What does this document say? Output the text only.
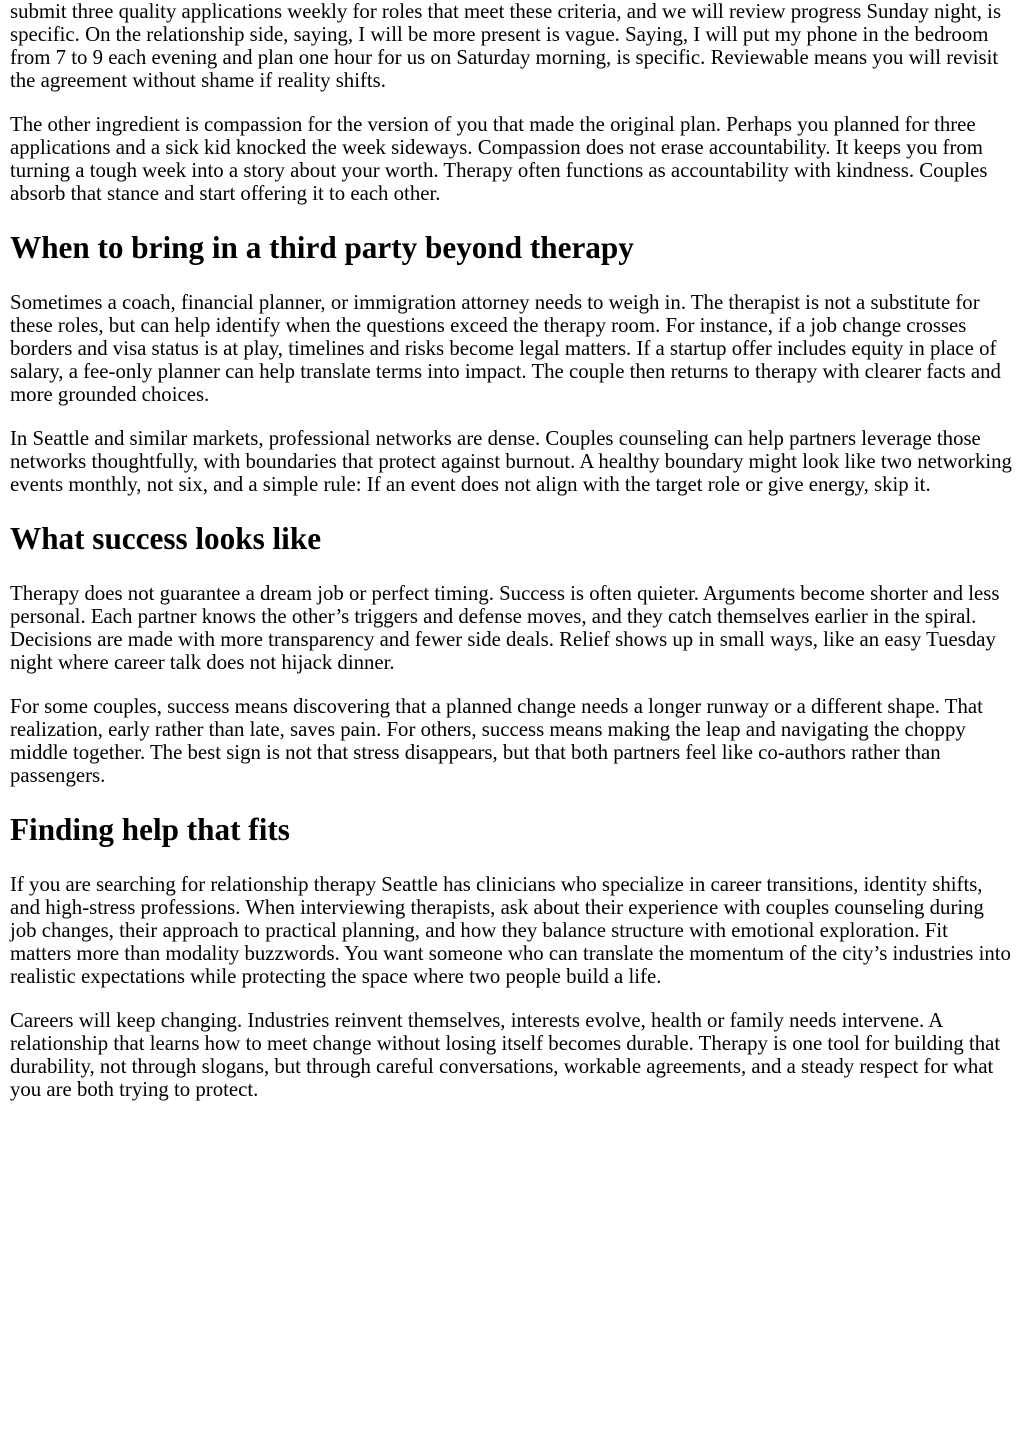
submit three quality applications weekly for roles that meet these criteria, and we will review progress Sunday night, is specific. On the relationship side, saying, I will be more present is vague. Saying, I will put my phone in the bedroom from 7 to 9 each evening and plan one hour for us on Saturday morning, is specific. Reviewable means you will revisit the agreement without shame if reality shifts.

The other ingredient is compassion for the version of you that made the original plan. Perhaps you planned for three applications and a sick kid knocked the week sideways. Compassion does not erase accountability. It keeps you from turning a tough week into a story about your worth. Therapy often functions as accountability with kindness. Couples absorb that stance and start offering it to each other.

When to bring in a third party beyond therapy

Sometimes a coach, financial planner, or immigration attorney needs to weigh in. The therapist is not a substitute for these roles, but can help identify when the questions exceed the therapy room. For instance, if a job change crosses borders and visa status is at play, timelines and risks become legal matters. If a startup offer includes equity in place of salary, a fee-only planner can help translate terms into impact. The couple then returns to therapy with clearer facts and more grounded choices.

In Seattle and similar markets, professional networks are dense. Couples counseling can help partners leverage those networks thoughtfully, with boundaries that protect against burnout. A healthy boundary might look like two networking events monthly, not six, and a simple rule: If an event does not align with the target role or give energy, skip it.

What success looks like

Therapy does not guarantee a dream job or perfect timing. Success is often quieter. Arguments become shorter and less personal. Each partner knows the other’s triggers and defense moves, and they catch themselves earlier in the spiral. Decisions are made with more transparency and fewer side deals. Relief shows up in small ways, like an easy Tuesday night where career talk does not hijack dinner.

For some couples, success means discovering that a planned change needs a longer runway or a different shape. That realization, early rather than late, saves pain. For others, success means making the leap and navigating the choppy middle together. The best sign is not that stress disappears, but that both partners feel like co-authors rather than passengers.

Finding help that fits

If you are searching for relationship therapy Seattle has clinicians who specialize in career transitions, identity shifts, and high-stress professions. When interviewing therapists, ask about their experience with couples counseling during job changes, their approach to practical planning, and how they balance structure with emotional exploration. Fit matters more than modality buzzwords. You want someone who can translate the momentum of the city’s industries into realistic expectations while protecting the space where two people build a life.

Careers will keep changing. Industries reinvent themselves, interests evolve, health or family needs intervene. A relationship that learns how to meet change without losing itself becomes durable. Therapy is one tool for building that durability, not through slogans, but through careful conversations, workable agreements, and a steady respect for what you are both trying to protect.
